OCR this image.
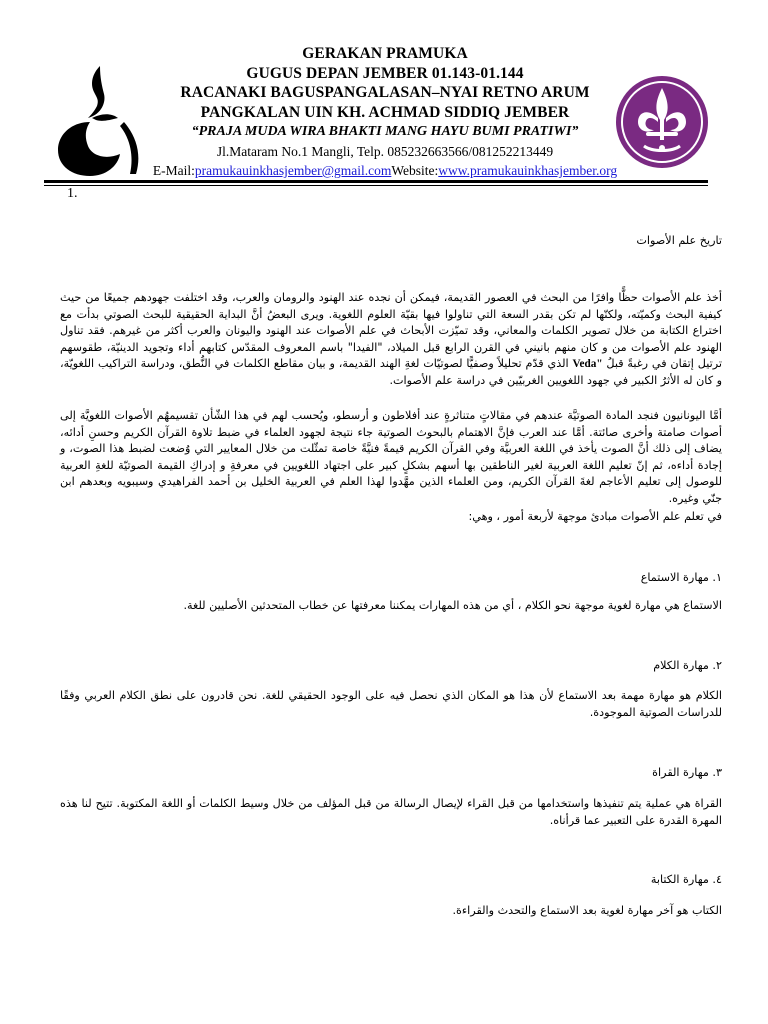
GERAKAN PRAMUKA
GUGUS DEPAN JEMBER 01.143-01.144
RACANAKI BAGUSPANGALASAN–NYAI RETNO ARUM
PANGKALAN UIN KH. ACHMAD SIDDIQ JEMBER
“PRAJA MUDA WIRA BHAKTI MANG HAYU BUMI PRATIWI”
Jl.Mataram No.1 Mangli, Telp. 085232663566/081252213449
E-Mail:pramukauinkhasjember@gmail.comWebsite:www.pramukauinkhasjember.org
1.
تاريخ علم الأصوات
أخذ علم الأصوات حظًّا وافرًا من البحث في العصور القديمة، فيمكن أن نجده عند الهنود والرومان والعرب، وقد اختلفت جهودهم جميعًا من حيث كيفية البحث وكميّته، ولكنّها لم تكن بقدر السعة التي تناولوا فيها بقيّة العلوم اللغوية. ويرى البعضُ أنَّ البداية الحقيقية للبحث الصوتي بدأت مع اختراع الكتابة من خلال تصوير الكلمات والمعاني، وقد تميّزت الأبحاث في علم الأصوات عند الهنود واليونان والعرب أكثر من غيرهم. فقد تناول الهنود علم الأصوات من و كان منهم بانيني في القرن الرابع قبل الميلاد، "الفيدا" باسم المعروف المقدّس كتابهم أداء وتجويد الدينيّة، طقوسهم ترتيل إتقان في رغبةً قبلُ Veda" الذي قدّم تحليلاً وصفيًّا لصوتيّات لغةِ الهند القديمة، و بيان مقاطع الكلمات في النُّطق، ودراسة التراكيب اللغويّة، و كان له الأثرُ الكبير في جهود اللغويين الغربيّين في دراسة علم الأصوات.
أمَّا اليونانيون فنجد المادة الصوتيَّة عندهم في مقالاتٍ متناثرةٍ عند أفلاطون و أرسطو، ويُحسب لهم في هذا الشّأن تقسيمهُم الأصوات اللغويَّة إلى أصوات صامتة وأخرى صائتة. أمَّا عند العرب فإنَّ الاهتمام بالبحوث الصوتية جاء نتيجة لجهود العلماء في ضبط تلاوة القرآن الكريم وحسنِ أدائه، يضاف إلى ذلك أنَّ الصوت يأخذ في اللغة العربيَّة وفي القرآن الكريم قيمةً فنيَّةً خاصة تمثّلت من خلال المعايير التي وُضعت لضبط هذا الصوت، و إجادة أداءه، ثم إنّ تعليم اللغة العربية لغير الناطقين بها أسهم بشكلٍ كبير على اجتهاد اللغويين في معرفةِ و إدراكِ القيمة الصوتيّة للغةِ العربية للوصول إلى تعليم الأعاجم لغةَ القرآن الكريم، ومن العلماء الذين مهَّدوا لهذا العلم في العربية الخليل بن أحمد الفراهيدي وسيبويه وبعدهم ابن جنّي وغيره.
في تعلم علم الأصوات مبادئ موجهة لأربعة أمور ، وهي:
١. مهارة الاستماع
الاستماع هي مهارة لغوية موجهة نحو الكلام ، أي من هذه المهارات يمكننا معرفتها عن خطاب المتحدثين الأصليين للغة.
٢. مهارة الكلام
الكلام هو مهارة مهمة بعد الاستماع لأن هذا هو المكان الذي نحصل فيه على الوجود الحقيقي للغة. نحن قادرون على نطق الكلام العربي وفقًا للدراسات الصوتية الموجودة.
٣. مهارة القراة
القراة هي عملية يتم تنفيذها واستخدامها من قبل القراء لإيصال الرسالة من قبل المؤلف من خلال وسيط الكلمات أو اللغة المكتوبة. تتيح لنا هذه المهرة القدرة على التعبير عما قرأناه.
٤. مهارة الكتابة
الكتاب هو آخر مهارة لغوية بعد الاستماع والتحدث والقراءة.
